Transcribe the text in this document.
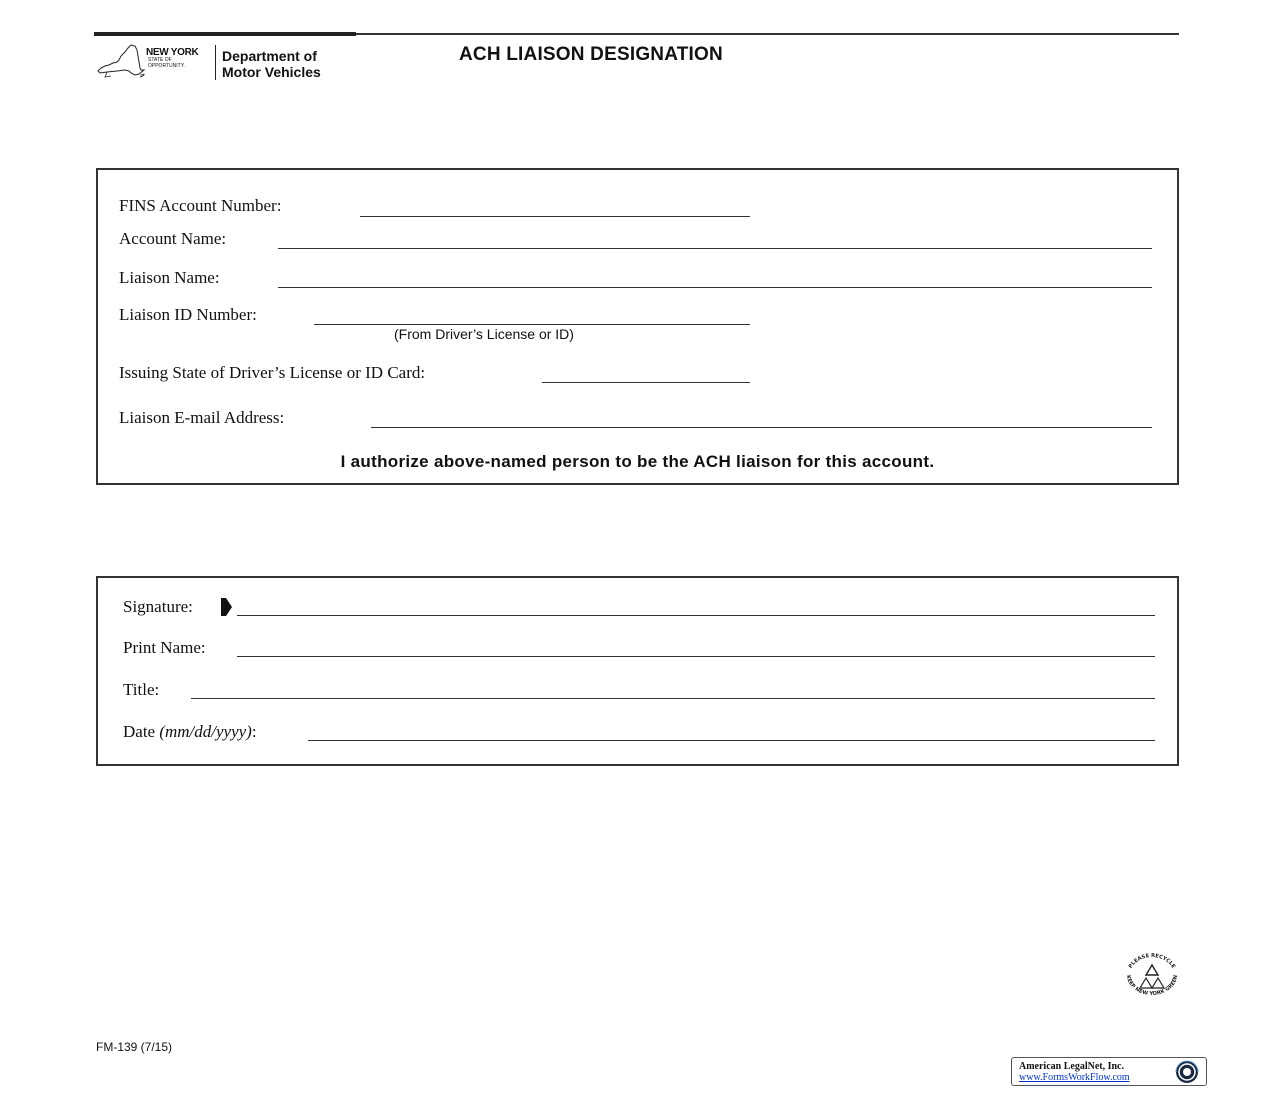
NEW YORK
STATE OF
OPPORTUNITY.
Department of
Motor Vehicles
ACH LIAISON DESIGNATION
FINS Account Number:
Account Name:
Liaison Name:
Liaison ID Number:
(From Driver’s License or ID)
Issuing State of Driver’s License or ID Card:
Liaison E-mail Address:
I authorize above-named person to be the ACH liaison for this account.
Signature:
Print Name:
Title:
Date (mm/dd/yyyy):
FM-139 (7/15)
PLEASE RECYCLE
KEEP NEW YORK GREEN
American LegalNet, Inc.
www.FormsWorkFlow.com
